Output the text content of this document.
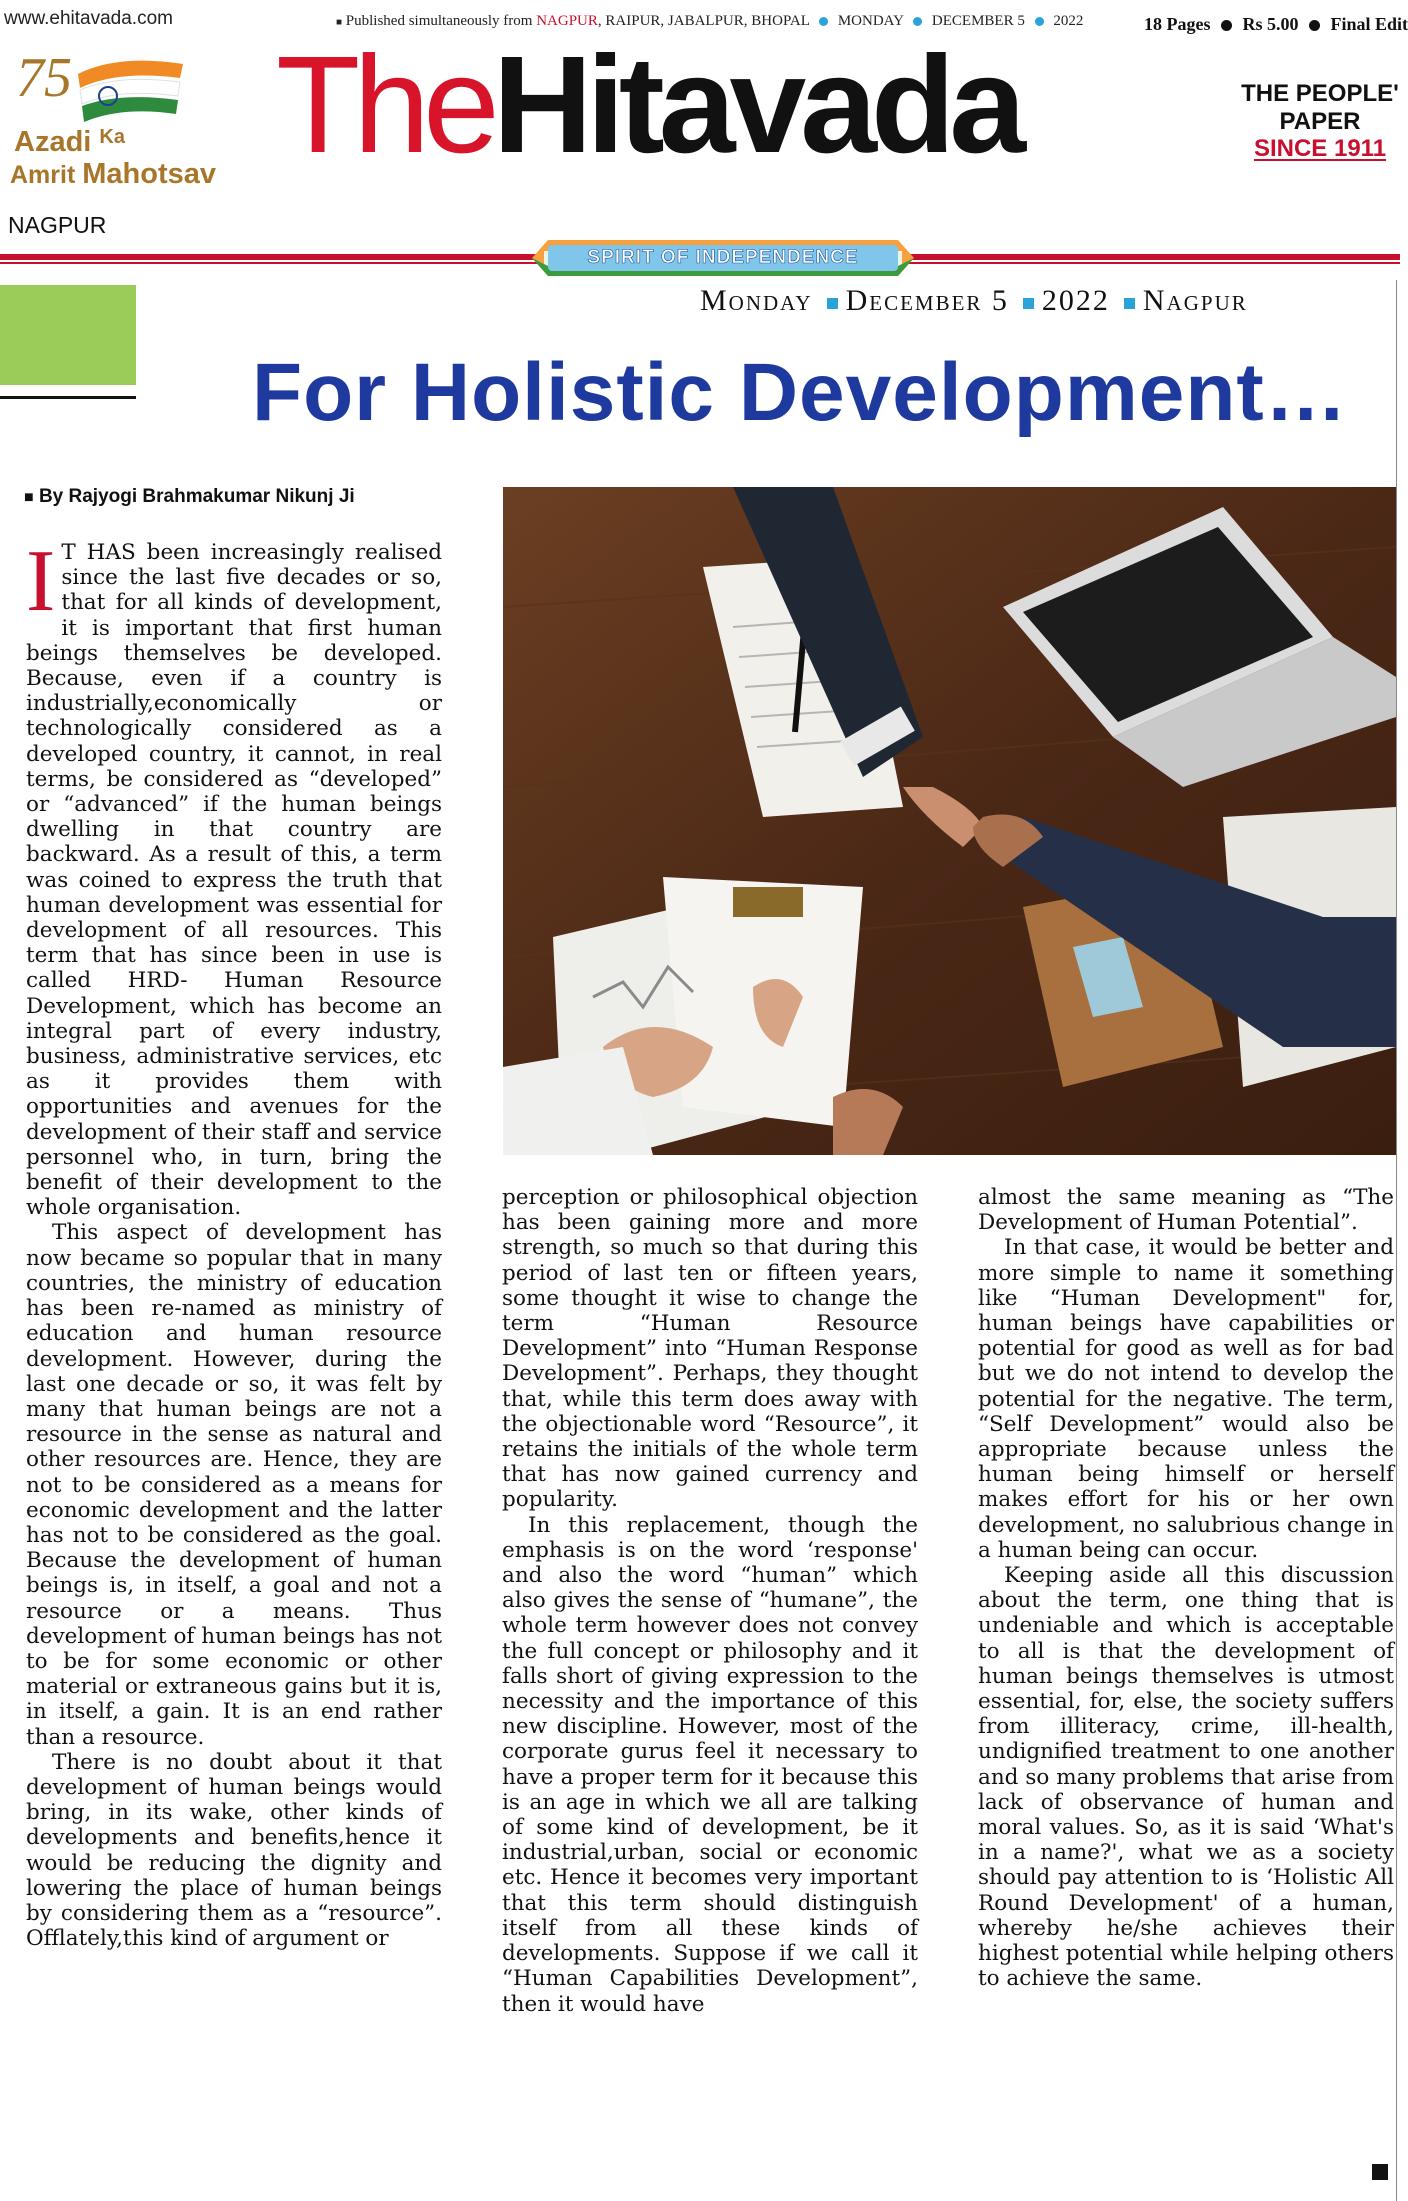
www.ehitavada.com	■ Published simultaneously from NAGPUR, RAIPUR, JABALPUR, BHOPAL MONDAY DECEMBER 5 2022	18 Pages Rs 5.00 Final Edit
75
Azadi $^{Ka}$
Amrit Mahotsav
NAGPUR
TheHitavada	THE PEOPLE'
PAPER
SINCE 1911
SPIRIT OF INDEPENDENCE
Monday December 5 2022 Nagpur
For Holistic Development…
■ By Rajyogi Brahmakumar Nikunj Ji

I T HAS been increasingly realised since the last five decades or so, that for all kinds of development, it is important that first human beings themselves be developed. Because, even if a country is industrially,economically or technologically considered as a developed country, it cannot, in real terms, be considered as “developed” or “advanced” if the human beings dwelling in that country are backward. As a result of this, a term was coined to express the truth that human development was essential for development of all resources. This term that has since been in use is called HRD- Human Resource Development, which has become an integral part of every industry, business, administrative services, etc as it provides them with opportunities and avenues for the development of their staff and service personnel who, in turn, bring the benefit of their development to the whole organisation.

This aspect of development has now became so popular that in many countries, the ministry of education has been re-named as ministry of education and human resource development. However, during the last one decade or so, it was felt by many that human beings are not a resource in the sense as natural and other resources are. Hence, they are not to be considered as a means for economic development and the latter has not to be considered as the goal. Because the development of human beings is, in itself, a goal and not a resource or a means. Thus development of human beings has not to be for some economic or other material or extraneous gains but it is, in itself, a gain. It is an end rather than a resource.

There is no doubt about it that development of human beings would bring, in its wake, other kinds of developments and benefits,hence it would be reducing the dignity and lowering the place of human beings by considering them as a “resource”. Offlately,this kind of argument or

perception or philosophical objection has been gaining more and more strength, so much so that during this period of last ten or fifteen years, some thought it wise to change the term “Human Resource Development” into “Human Response Development”. Perhaps, they thought that, while this term does away with the objectionable word “Resource”, it retains the initials of the whole term that has now gained currency and popularity.

In this replacement, though the emphasis is on the word ‘response' and also the word “human” which also gives the sense of “humane”, the whole term however does not convey the full concept or philosophy and it falls short of giving expression to the necessity and the importance of this new discipline. However, most of the corporate gurus feel it necessary to have a proper term for it because this is an age in which we all are talking of some kind of development, be it industrial,urban, social or economic etc. Hence it becomes very important that this term should distinguish itself from all these kinds of developments. Suppose if we call it “Human Capabilities Development”, then it would have

almost the same meaning as “The Development of Human Potential”.

In that case, it would be better and more simple to name it something like “Human Development" for, human beings have capabilities or potential for good as well as for bad but we do not intend to develop the potential for the negative. The term, “Self Development” would also be appropriate because unless the human being himself or herself makes effort for his or her own development, no salubrious change in a human being can occur.

Keeping aside all this discussion about the term, one thing that is undeniable and which is acceptable to all is that the development of human beings themselves is utmost essential, for, else, the society suffers from illiteracy, crime, ill-health, undignified treatment to one another and so many problems that arise from lack of observance of human and moral values. So, as it is said ‘What's in a name?', what we as a society should pay attention to is ‘Holistic All Round Development' of a human, whereby he/she achieves their highest potential while helping others to achieve the same.
